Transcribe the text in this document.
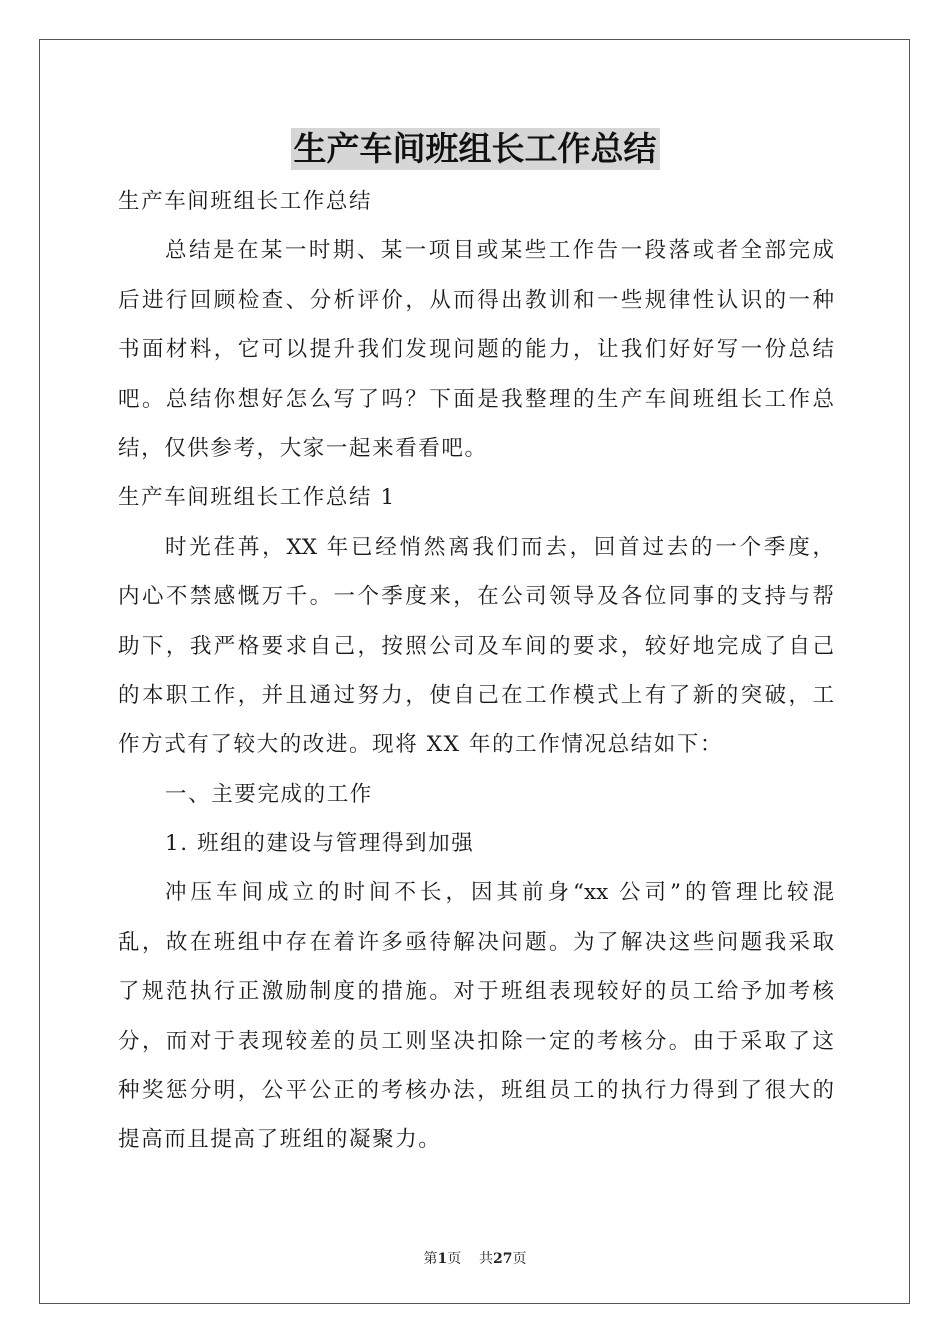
生产车间班组长工作总结
生产车间班组长工作总结
总结是在某一时期、某一项目或某些工作告一段落或者全部完成
后进行回顾检查、分析评价，从而得出教训和一些规律性认识的一种
书面材料，它可以提升我们发现问题的能力，让我们好好写一份总结
吧。总结你想好怎么写了吗？下面是我整理的生产车间班组长工作总
结，仅供参考，大家一起来看看吧。
生产车间班组长工作总结 1
时光荏苒，XX 年已经悄然离我们而去，回首过去的一个季度，
内心不禁感慨万千。一个季度来，在公司领导及各位同事的支持与帮
助下，我严格要求自己，按照公司及车间的要求，较好地完成了自己
的本职工作，并且通过努力，使自己在工作模式上有了新的突破，工
作方式有了较大的改进。现将 XX 年的工作情况总结如下：
一、主要完成的工作
1. 班组的建设与管理得到加强
冲压车间成立的时间不长，因其前身“xx 公司”的管理比较混
乱，故在班组中存在着许多亟待解决问题。为了解决这些问题我采取
了规范执行正激励制度的措施。对于班组表现较好的员工给予加考核
分，而对于表现较差的员工则坚决扣除一定的考核分。由于采取了这
种奖惩分明，公平公正的考核办法，班组员工的执行力得到了很大的
提高而且提高了班组的凝聚力。
第1页 共27页
